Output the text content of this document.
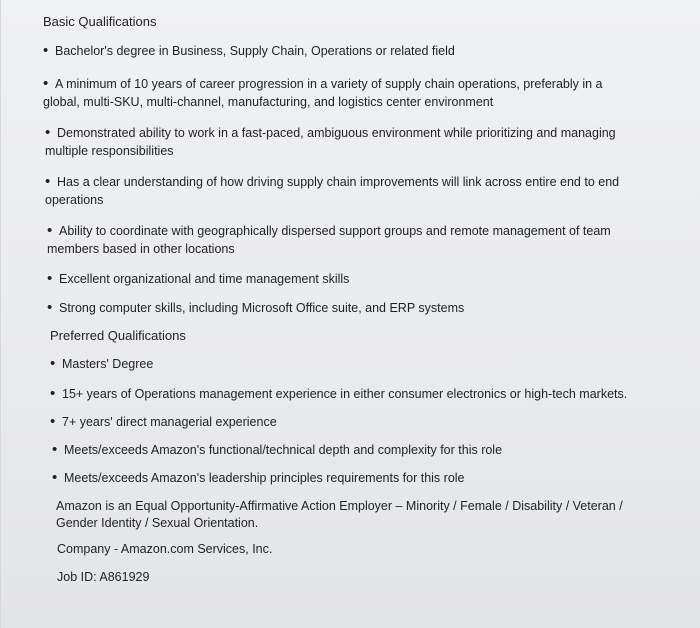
Basic Qualifications
• Bachelor's degree in Business, Supply Chain, Operations or related field
• A minimum of 10 years of career progression in a variety of supply chain operations, preferably in a
global, multi-SKU, multi-channel, manufacturing, and logistics center environment
• Demonstrated ability to work in a fast-paced, ambiguous environment while prioritizing and managing
multiple responsibilities
• Has a clear understanding of how driving supply chain improvements will link across entire end to end
operations
• Ability to coordinate with geographically dispersed support groups and remote management of team
members based in other locations
• Excellent organizational and time management skills
• Strong computer skills, including Microsoft Office suite, and ERP systems
Preferred Qualifications
• Masters' Degree
• 15+ years of Operations management experience in either consumer electronics or high-tech markets.
• 7+ years' direct managerial experience
• Meets/exceeds Amazon's functional/technical depth and complexity for this role
• Meets/exceeds Amazon's leadership principles requirements for this role
Amazon is an Equal Opportunity-Affirmative Action Employer – Minority / Female / Disability / Veteran /
Gender Identity / Sexual Orientation.
Company - Amazon.com Services, Inc.
Job ID: A861929
